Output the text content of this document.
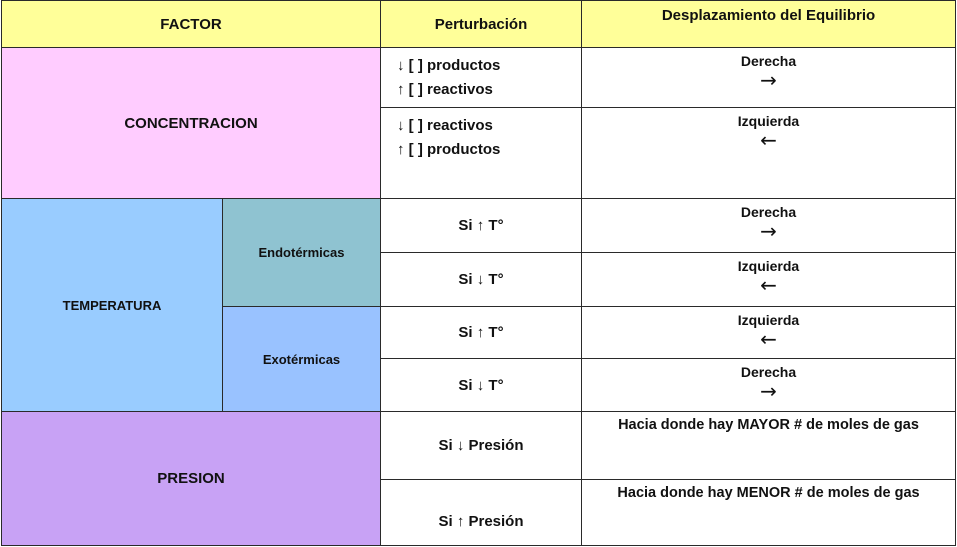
FACTOR	Perturbación	Desplazamiento del Equilibrio
CONCENTRACION
↓ [ ] productos
↑ [ ] reactivos
Derecha
→
↓ [ ] reactivos
↑ [ ] productos
Izquierda
←
TEMPERATURA
Endotérmicas
Exotérmicas
Si ↑ T°
Derecha
→
Si ↓ T°
Izquierda
←
Si ↑ T°
Izquierda
←
Si ↓ T°
Derecha
→
PRESION
Si ↓ Presión
Hacia donde hay MAYOR # de moles de gas
Si ↑ Presión
Hacia donde hay MENOR # de moles de gas
